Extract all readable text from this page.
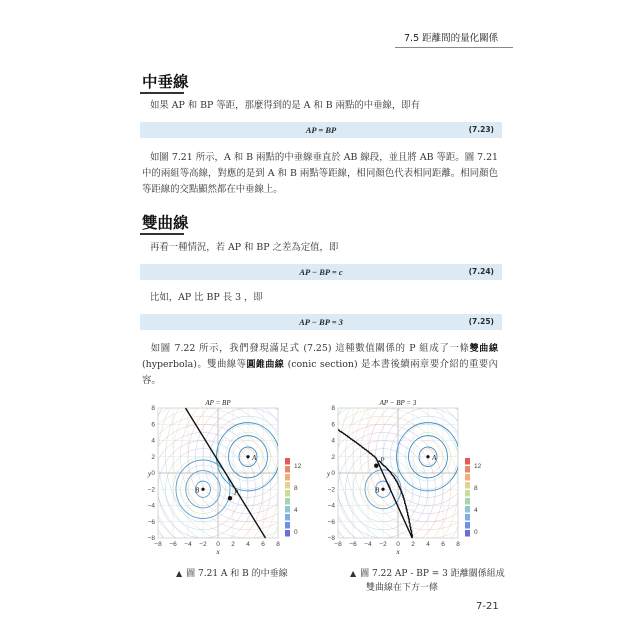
7.5 距離間的量化關係
中垂線
如果 AP 和 BP 等距，那麼得到的是 A 和 B 兩點的中垂線，即有
AP = BP	(7.23)
如圖 7.21 所示，A 和 B 兩點的中垂線垂直於 AB 線段，並且將 AB 等距。圖 7.21 中的兩組等高線，對應的是到 A 和 B 兩點等距線，相同顏色代表相同距離。相同顏色等距線的交點顯然都在中垂線上。
雙曲線
再看一種情況，若 AP 和 BP 之差為定值，即
AP − BP = c	(7.24)
比如，AP 比 BP 長 3 ，即
AP − BP = 3	(7.25)
如圖 7.22 所示，我們發現滿足式 (7.25) 這種數值關係的 P 組成了一條雙曲線 (hyperbola)。雙曲線等圓錐曲線 (conic section) 是本書後續兩章要介紹的重要內容。
AP = BP
A
B	P
−8 −6 −4 −2 0 2 4 6 8
8
6
4
2
0
−2
−4
−6
−8
x
y
12
8
4
0
AP − BP = 3
A
B
P
−8 −6 −4 −2 0 2 4 6 8
8
6
4
2
0
−2
−4
−6
−8
x
y
12
8
4
0
▲ 圖 7.21 A 和 B 的中垂線	▲ 圖 7.22 AP - BP = 3 距離關係組成
雙曲線在下方一條
7-21
